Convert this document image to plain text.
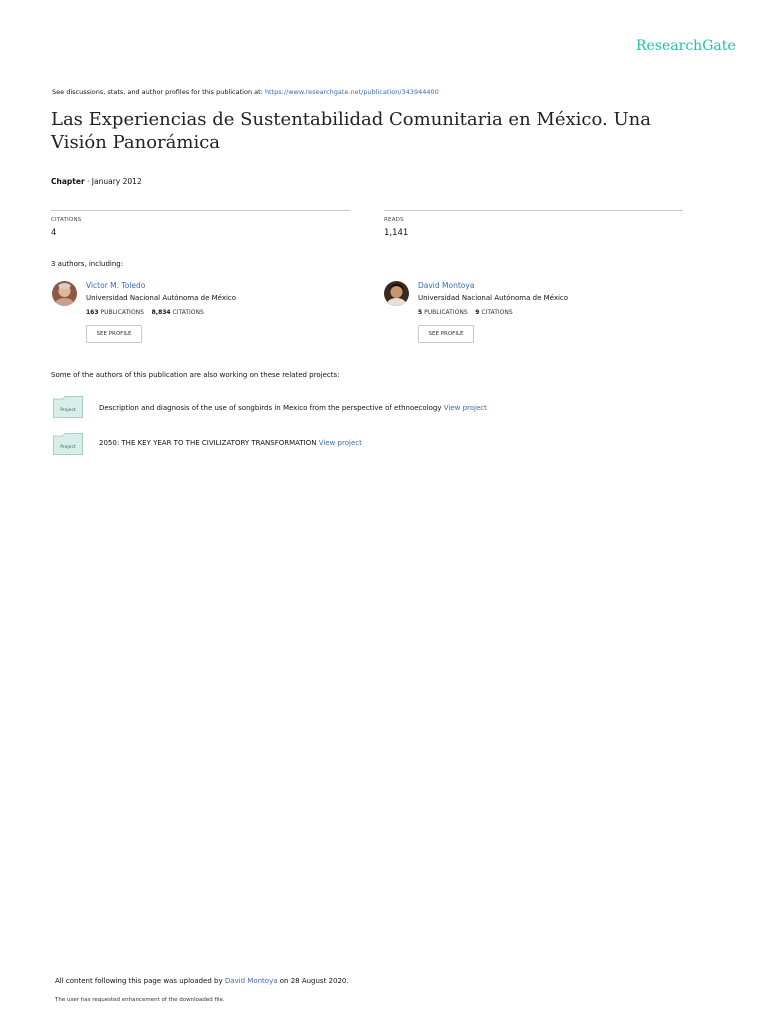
ResearchGate
See discussions, stats, and author profiles for this publication at: https://www.researchgate.net/publication/343944400
Las Experiencias de Sustentabilidad Comunitaria en México. Una Visión Panorámica
Chapter · January 2012
CITATIONS
4
READS
1,141
3 authors, including:
Victor M. Toledo
Universidad Nacional Autónoma de México
163 PUBLICATIONS 8,834 CITATIONS
SEE PROFILE
David Montoya
Universidad Nacional Autónoma de México
5 PUBLICATIONS 9 CITATIONS
SEE PROFILE
Some of the authors of this publication are also working on these related projects:
Project	Description and diagnosis of the use of songbirds in Mexico from the perspective of ethnoecology View project
Project
2050: THE KEY YEAR TO THE CIVILIZATORY TRANSFORMATION View project
All content following this page was uploaded by David Montoya on 28 August 2020.
The user has requested enhancement of the downloaded file.
